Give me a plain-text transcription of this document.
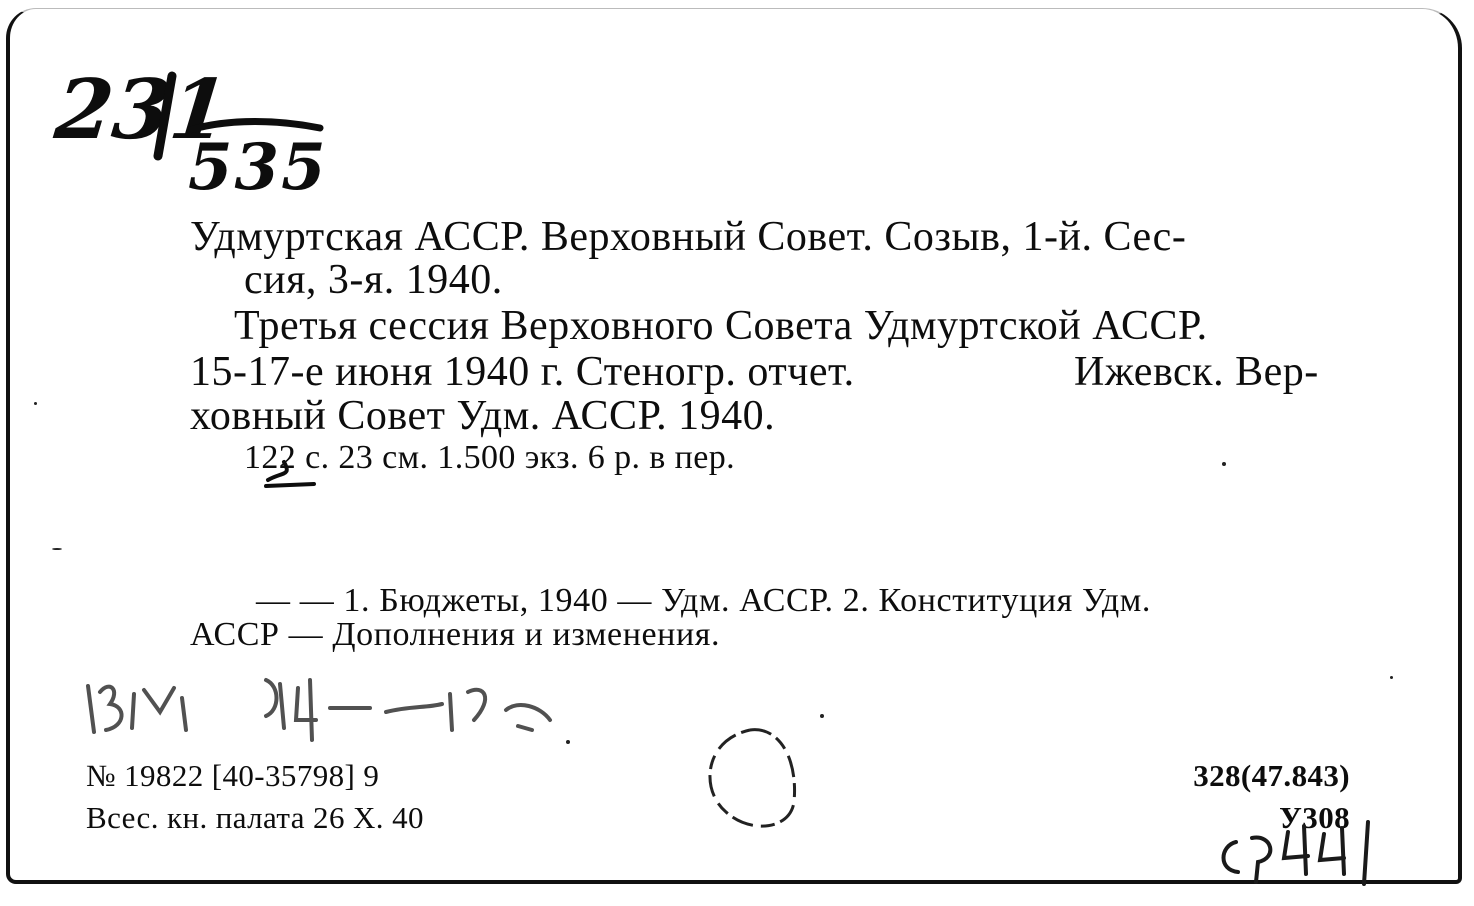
231
535

Удмуртская АССР. Верховный Совет. Созыв, 1-й. Сес-

сия, 3-я. 1940.

Третья сессия Верховного Совета Удмуртской АССР.

15-17-е июня 1940 г. Стеногр. отчет.	Ижевск. Вер-

ховный Совет Удм. АССР. 1940.

122 с. 23 см. 1.500 экз. 6 р. в пер.

— — 1. Бюджеты, 1940 — Удм. АССР. 2. Конституция Удм.

АССР — Дополнения и изменения.

№ 19822 [40-35798] 9

Всес. кн. палата 26 X. 40

328(47.843)

У308
